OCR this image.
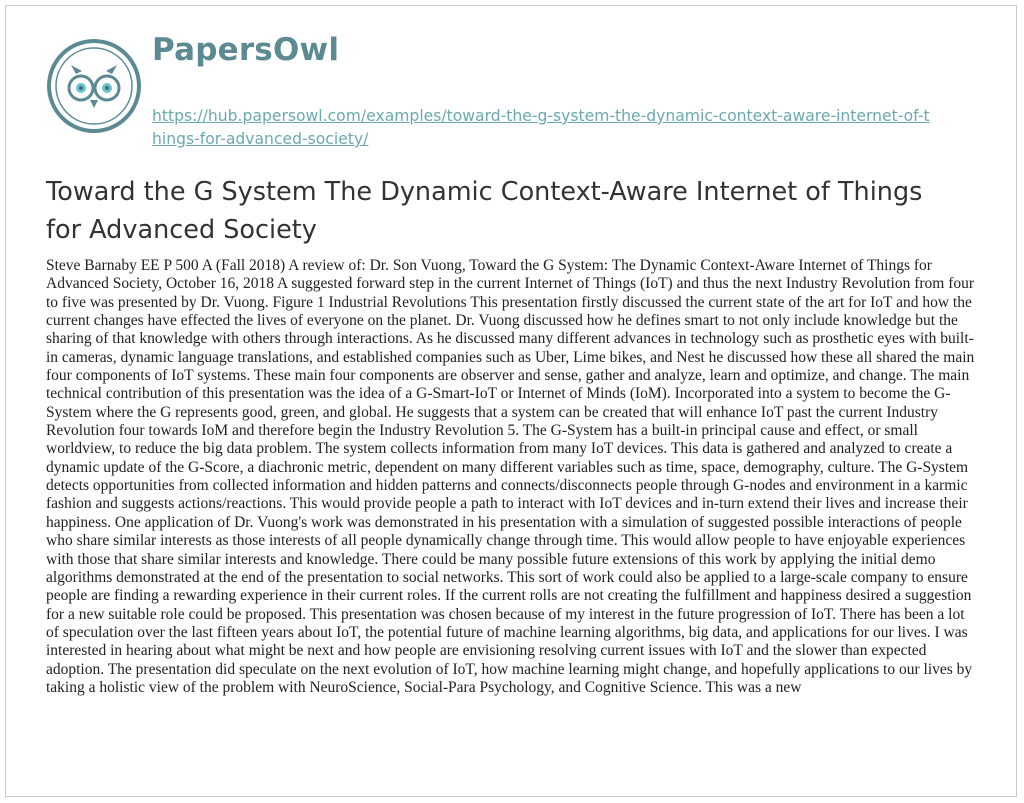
PapersOwl
https://hub.papersowl.com/examples/toward-the-g-system-the-dynamic-context-aware-internet-of-things-for-advanced-society/
Toward the G System The Dynamic Context-Aware Internet of Things for Advanced Society

Steve Barnaby EE P 500 A (Fall 2018) A review of: Dr. Son Vuong, Toward the G System: The Dynamic Context-Aware Internet of Things for Advanced Society, October 16, 2018 A suggested forward step in the current Internet of Things (IoT) and thus the next Industry Revolution from four to five was presented by Dr. Vuong. Figure 1 Industrial Revolutions This presentation firstly discussed the current state of the art for IoT and how the current changes have effected the lives of everyone on the planet. Dr. Vuong discussed how he defines smart to not only include knowledge but the sharing of that knowledge with others through interactions. As he discussed many different advances in technology such as prosthetic eyes with built-in cameras, dynamic language translations, and established companies such as Uber, Lime bikes, and Nest he discussed how these all shared the main four components of IoT systems. These main four components are observer and sense, gather and analyze, learn and optimize, and change. The main technical contribution of this presentation was the idea of a G-Smart-IoT or Internet of Minds (IoM). Incorporated into a system to become the G-System where the G represents good, green, and global. He suggests that a system can be created that will enhance IoT past the current Industry Revolution four towards IoM and therefore begin the Industry Revolution 5. The G-System has a built-in principal cause and effect, or small worldview, to reduce the big data problem. The system collects information from many IoT devices. This data is gathered and analyzed to create a dynamic update of the G-Score, a diachronic metric, dependent on many different variables such as time, space, demography, culture. The G-System detects opportunities from collected information and hidden patterns and connects/disconnects people through G-nodes and environment in a karmic fashion and suggests actions/reactions. This would provide people a path to interact with IoT devices and in-turn extend their lives and increase their happiness. One application of Dr. Vuong's work was demonstrated in his presentation with a simulation of suggested possible interactions of people who share similar interests as those interests of all people dynamically change through time. This would allow people to have enjoyable experiences with those that share similar interests and knowledge. There could be many possible future extensions of this work by applying the initial demo algorithms demonstrated at the end of the presentation to social networks. This sort of work could also be applied to a large-scale company to ensure people are finding a rewarding experience in their current roles. If the current rolls are not creating the fulfillment and happiness desired a suggestion for a new suitable role could be proposed. This presentation was chosen because of my interest in the future progression of IoT. There has been a lot of speculation over the last fifteen years about IoT, the potential future of machine learning algorithms, big data, and applications for our lives. I was interested in hearing about what might be next and how people are envisioning resolving current issues with IoT and the slower than expected adoption. The presentation did speculate on the next evolution of IoT, how machine learning might change, and hopefully applications to our lives by taking a holistic view of the problem with NeuroScience, Social-Para Psychology, and Cognitive Science. This was a new
